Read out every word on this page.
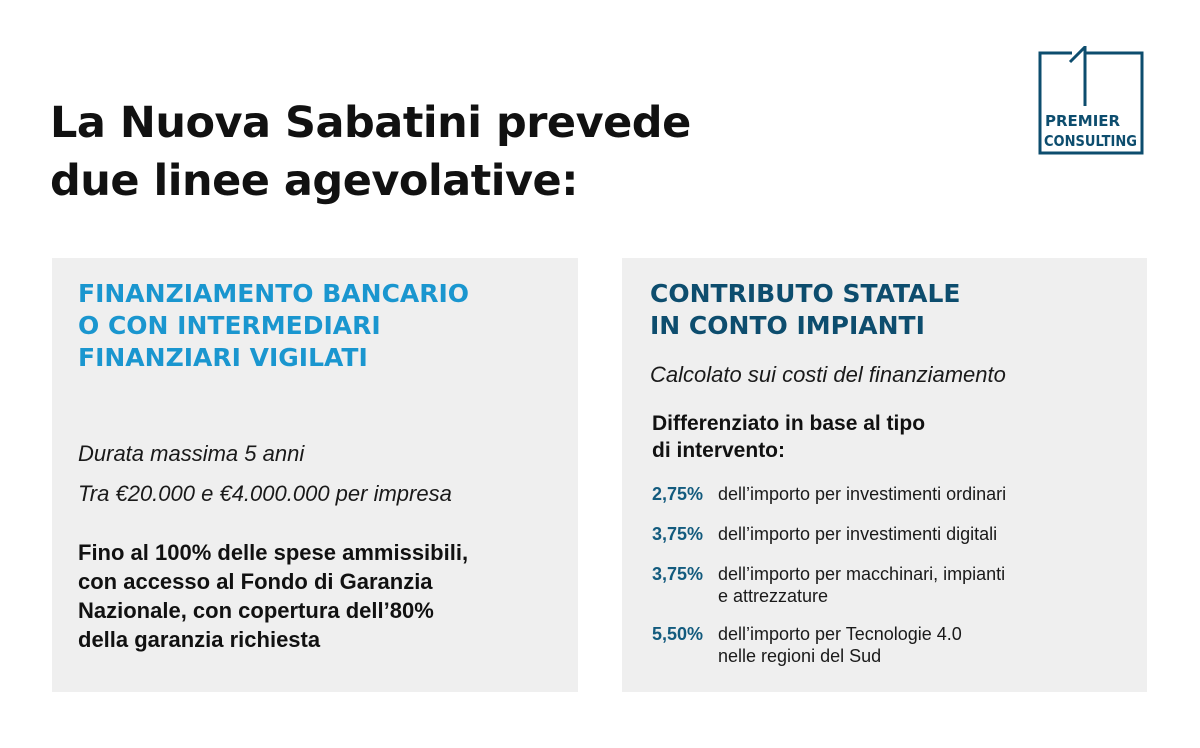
La Nuova Sabatini prevede
due linee agevolative:
PREMIER
CONSULTING
FINANZIAMENTO BANCARIO
O CON INTERMEDIARI
FINANZIARI VIGILATI
Durata massima 5 anni
Tra €20.000 e €4.000.000 per impresa
Fino al 100% delle spese ammissibili,
con accesso al Fondo di Garanzia
Nazionale, con copertura dell’80%
della garanzia richiesta
CONTRIBUTO STATALE
IN CONTO IMPIANTI
Calcolato sui costi del finanziamento
Differenziato in base al tipo
di intervento:
2,75% dell’importo per investimenti ordinari
3,75% dell’importo per investimenti digitali
3,75% dell’importo per macchinari, impianti
e attrezzature
5,50% dell’importo per Tecnologie 4.0
nelle regioni del Sud
